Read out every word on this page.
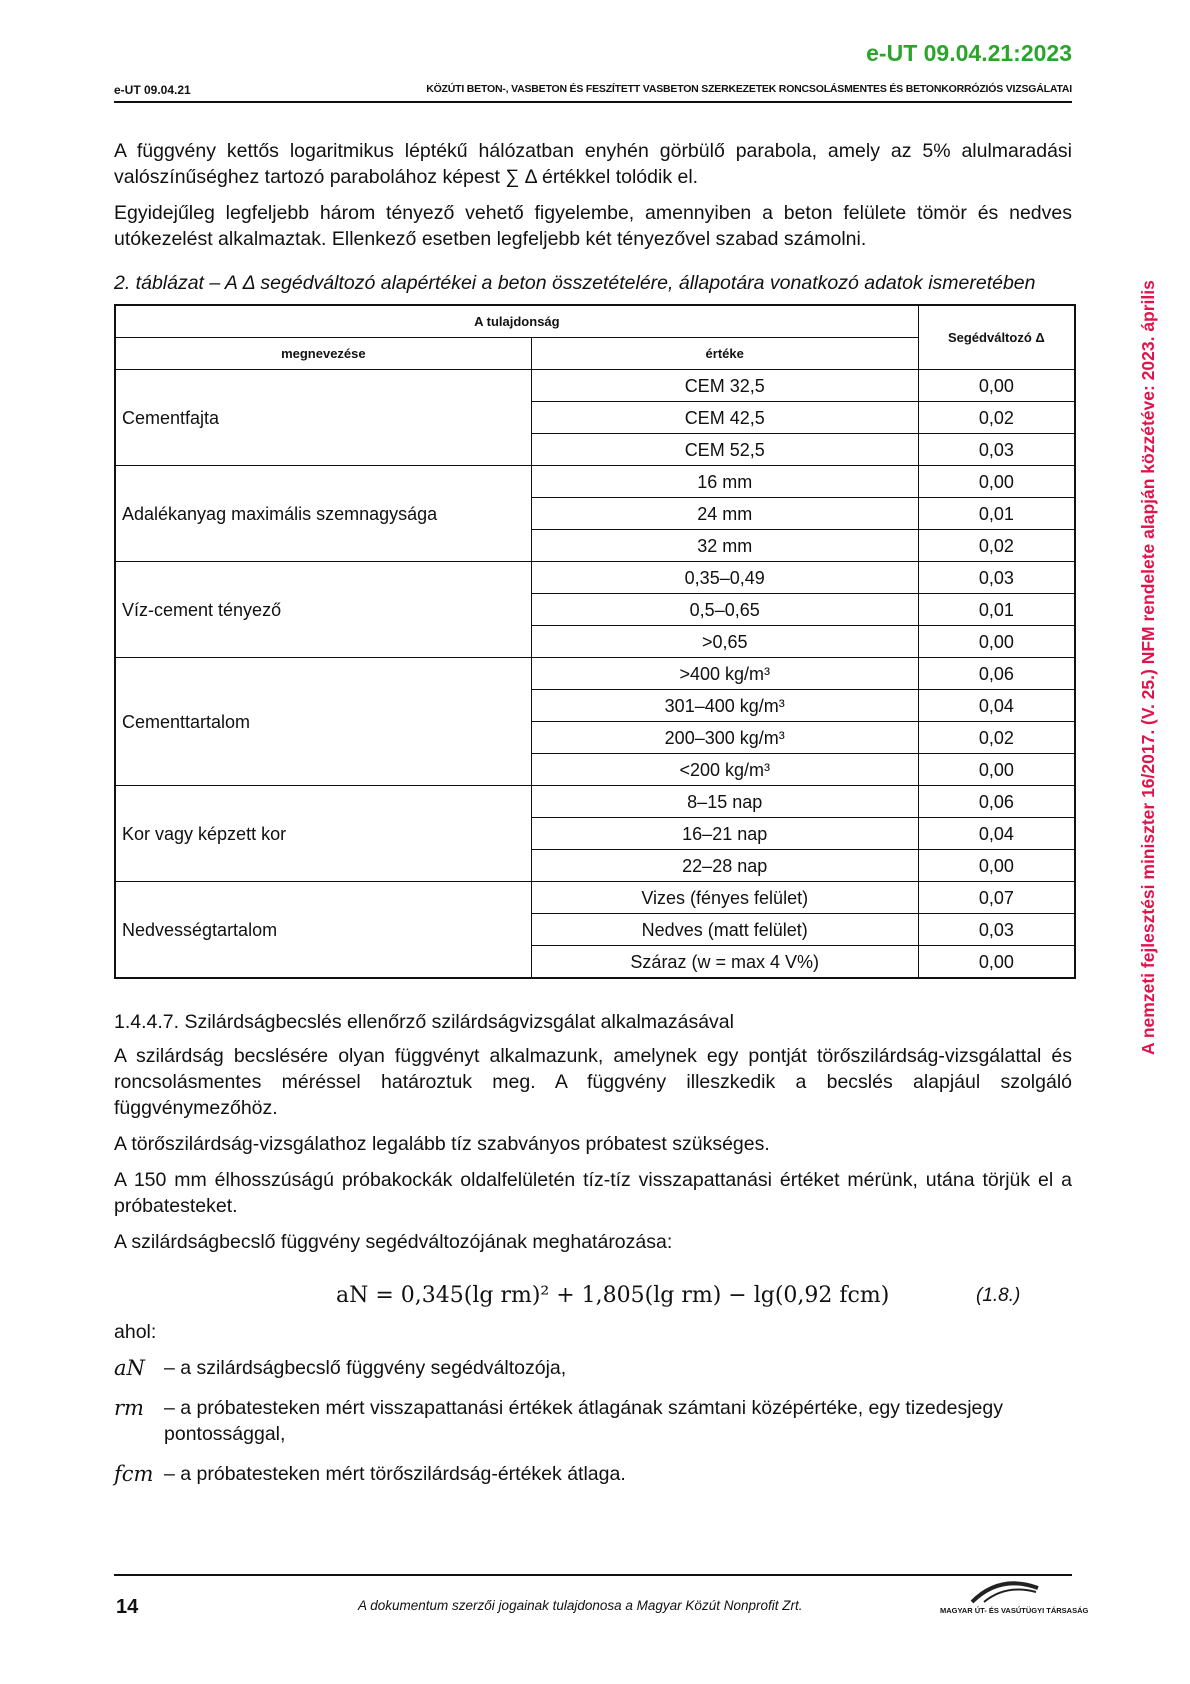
e-UT 09.04.21:2023
e-UT 09.04.21	KÖZÚTI BETON-, VASBETON ÉS FESZÍTETT VASBETON SZERKEZETEK RONCSOLÁSMENTES ÉS BETONKORRÓZIÓS VIZSGÁLATAI
A nemzeti fejlesztési miniszter 16/2017. (V. 25.) NFM rendelete alapján közzétéve: 2023. április

A függvény kettős logaritmikus léptékű hálózatban enyhén görbülő parabola, amely az 5% alulmaradási valószínűséghez tartozó parabolához képest ∑ Δ értékkel tolódik el.

Egyidejűleg legfeljebb három tényező vehető figyelembe, amennyiben a beton felülete tömör és nedves utókezelést alkalmaztak. Ellenkező esetben legfeljebb két tényezővel szabad számolni.

2. táblázat – A Δ segédváltozó alapértékei a beton összetételére, állapotára vonatkozó adatok ismeretében
A tulajdonság		Segédváltozó Δ
megnevezése	értéke	
Cementfajta	CEM 32,5	0,00
	CEM 42,5	0,02
	CEM 52,5	0,03
Adalékanyag maximális szemnagysága	16 mm	0,00
	24 mm	0,01
	32 mm	0,02
Víz-cement tényező	0,35–0,49	0,03
	0,5–0,65	0,01
	>0,65	0,00
Cementtartalom	>400 kg/m³	0,06
	301–400 kg/m³	0,04
	200–300 kg/m³	0,02
	<200 kg/m³	0,00
Kor vagy képzett kor	8–15 nap	0,06
	16–21 nap	0,04
	22–28 nap	0,00
Nedvességtartalom	Vizes (fényes felület)	0,07
	Nedves (matt felület)	0,03
	Száraz (w = max 4 V%)	0,00
1.4.4.7. Szilárdságbecslés ellenőrző szilárdságvizsgálat alkalmazásával

A szilárdság becslésére olyan függvényt alkalmazunk, amelynek egy pontját törőszilárdság-vizsgálattal és roncsolásmentes méréssel határoztuk meg. A függvény illeszkedik a becslés alapjául szolgáló függvénymezőhöz.

A törőszilárdság-vizsgálathoz legalább tíz szabványos próbatest szükséges.

A 150 mm élhosszúságú próbakockák oldalfelületén tíz-tíz visszapattanási értéket mérünk, utána törjük el a próbatesteket.

A szilárdságbecslő függvény segédváltozójának meghatározása:

aN = 0,345(lg rm)² + 1,805(lg rm) − lg(0,92 fcm)	(1.8.)

ahol:

aN – a szilárdságbecslő függvény segédváltozója,
rm	– a próbatesteken mért visszapattanási értékek átlagának számtani középértéke, egy tizedesjegy pontossággal,
fcm – a próbatesteken mért törőszilárdság-értékek átlaga.
14	A dokumentum szerzői jogainak tulajdonosa a Magyar Közút Nonprofit Zrt.	MAGYAR ÚT- ÉS VASÚTÜGYI TÁRSASÁG
